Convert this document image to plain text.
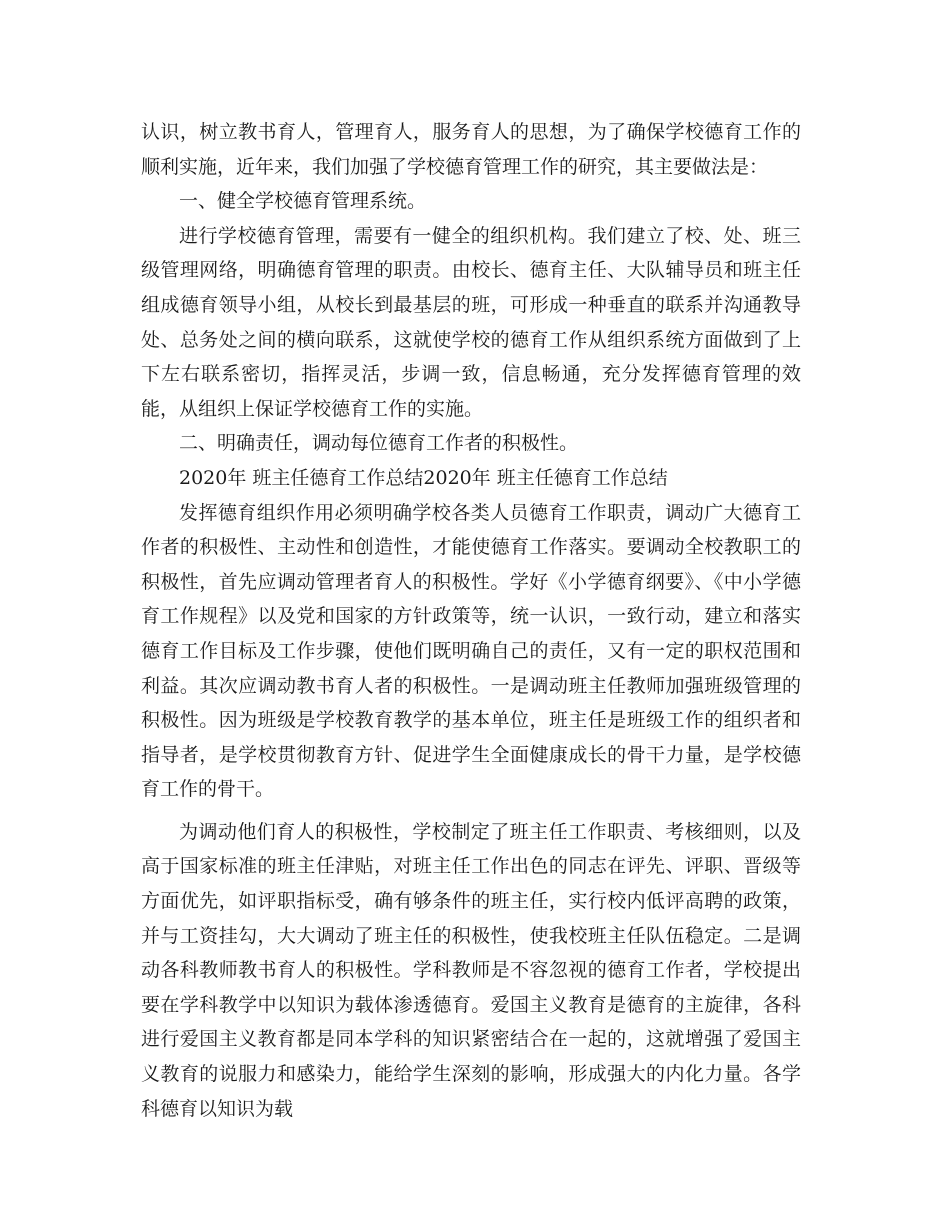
认识，树立教书育人，管理育人，服务育人的思想，为了确保学校德育工作的顺利实施，近年来，我们加强了学校德育管理工作的研究，其主要做法是：

一、健全学校德育管理系统。

进行学校德育管理，需要有一健全的组织机构。我们建立了校、处、班三级管理网络，明确德育管理的职责。由校长、德育主任、大队辅导员和班主任组成德育领导小组，从校长到最基层的班，可形成一种垂直的联系并沟通教导处、总务处之间的横向联系，这就使学校的德育工作从组织系统方面做到了上下左右联系密切，指挥灵活，步调一致，信息畅通，充分发挥德育管理的效能，从组织上保证学校德育工作的实施。

二、明确责任，调动每位德育工作者的积极性。

2020年 班主任德育工作总结2020年 班主任德育工作总结

发挥德育组织作用必须明确学校各类人员德育工作职责，调动广大德育工作者的积极性、主动性和创造性，才能使德育工作落实。要调动全校教职工的积极性，首先应调动管理者育人的积极性。学好《小学德育纲要》、《中小学德育工作规程》以及党和国家的方针政策等，统一认识，一致行动，建立和落实德育工作目标及工作步骤，使他们既明确自己的责任，又有一定的职权范围和利益。其次应调动教书育人者的积极性。一是调动班主任教师加强班级管理的积极性。因为班级是学校教育教学的基本单位，班主任是班级工作的组织者和指导者，是学校贯彻教育方针、促进学生全面健康成长的骨干力量，是学校德育工作的骨干。

为调动他们育人的积极性，学校制定了班主任工作职责、考核细则，以及高于国家标准的班主任津贴，对班主任工作出色的同志在评先、评职、晋级等方面优先，如评职指标受，确有够条件的班主任，实行校内低评高聘的政策，并与工资挂勾，大大调动了班主任的积极性，使我校班主任队伍稳定。二是调动各科教师教书育人的积极性。学科教师是不容忽视的德育工作者，学校提出要在学科教学中以知识为载体渗透德育。爱国主义教育是德育的主旋律，各科进行爱国主义教育都是同本学科的知识紧密结合在一起的，这就增强了爱国主义教育的说服力和感染力，能给学生深刻的影响，形成强大的内化力量。各学科德育以知识为载
